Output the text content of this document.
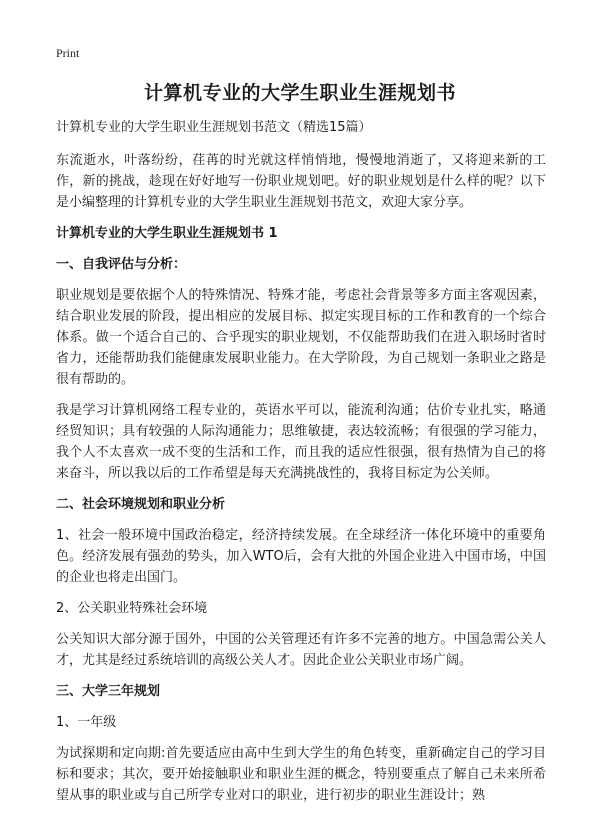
Print
计算机专业的大学生职业生涯规划书

计算机专业的大学生职业生涯规划书范文（精选15篇）

东流逝水，叶落纷纷，荏苒的时光就这样悄悄地，慢慢地消逝了，又将迎来新的工作，新的挑战，趁现在好好地写一份职业规划吧。好的职业规划是什么样的呢？以下是小编整理的计算机专业的大学生职业生涯规划书范文，欢迎大家分享。

计算机专业的大学生职业生涯规划书 1
一、自我评估与分析：

职业规划是要依据个人的特殊情况、特殊才能，考虑社会背景等多方面主客观因素，结合职业发展的阶段，提出相应的发展目标、拟定实现目标的工作和教育的一个综合体系。做一个适合自己的、合乎现实的职业规划，不仅能帮助我们在进入职场时省时省力，还能帮助我们能健康发展职业能力。在大学阶段，为自己规划一条职业之路是很有帮助的。

我是学习计算机网络工程专业的，英语水平可以，能流利沟通；估价专业扎实，略通经贸知识；具有较强的人际沟通能力；思维敏捷，表达较流畅；有很强的学习能力，我个人不太喜欢一成不变的生活和工作，而且我的适应性很强，很有热情为自己的将来奋斗，所以我以后的工作希望是每天充满挑战性的，我将目标定为公关师。

二、社会环境规划和职业分析

1、社会一般环境中国政治稳定，经济持续发展。在全球经济一体化环境中的重要角色。经济发展有强劲的势头，加入WTO后，会有大批的外国企业进入中国市场，中国的企业也将走出国门。

2、公关职业特殊社会环境

公关知识大部分源于国外，中国的公关管理还有许多不完善的地方。中国急需公关人才，尤其是经过系统培训的高级公关人才。因此企业公关职业市场广阔。

三、大学三年规划

1、一年级

为试探期和定向期:首先要适应由高中生到大学生的角色转变，重新确定自己的学习目标和要求；其次，要开始接触职业和职业生涯的概念，特别要重点了解自己未来所希望从事的职业或与自己所学专业对口的职业，进行初步的职业生涯设计；熟
